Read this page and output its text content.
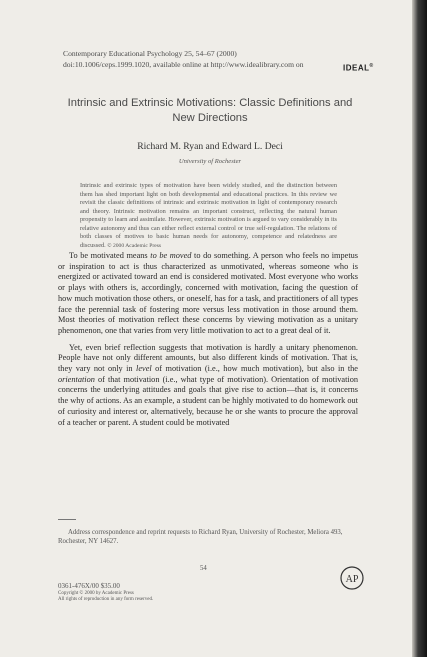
Contemporary Educational Psychology 25, 54–67 (2000)
doi:10.1006/ceps.1999.1020, available online at http://www.idealibrary.com on	IDEAL®
Intrinsic and Extrinsic Motivations: Classic Definitions and New Directions
Richard M. Ryan and Edward L. Deci
University of Rochester
Intrinsic and extrinsic types of motivation have been widely studied, and the distinction between them has shed important light on both developmental and educational practices. In this review we revisit the classic definitions of intrinsic and extrinsic motivation in light of contemporary research and theory. Intrinsic motivation remains an important construct, reflecting the natural human propensity to learn and assimilate. However, extrinsic motivation is argued to vary considerably in its relative autonomy and thus can either reflect external control or true self-regulation. The relations of both classes of motives to basic human needs for autonomy, competence and relatedness are discussed. © 2000 Academic Press

To be motivated means to be moved to do something. A person who feels no impetus or inspiration to act is thus characterized as unmotivated, whereas someone who is energized or activated toward an end is considered motivated. Most everyone who works or plays with others is, accordingly, concerned with motivation, facing the question of how much motivation those others, or oneself, has for a task, and practitioners of all types face the perennial task of fostering more versus less motivation in those around them. Most theories of motivation reflect these concerns by viewing motivation as a unitary phenomenon, one that varies from very little motivation to act to a great deal of it.

Yet, even brief reflection suggests that motivation is hardly a unitary phenomenon. People have not only different amounts, but also different kinds of motivation. That is, they vary not only in level of motivation (i.e., how much motivation), but also in the orientation of that motivation (i.e., what type of motivation). Orientation of motivation concerns the underlying attitudes and goals that give rise to action—that is, it concerns the why of actions. As an example, a student can be highly motivated to do homework out of curiosity and interest or, alternatively, because he or she wants to procure the approval of a teacher or parent. A student could be motivated

Address correspondence and reprint requests to Richard Ryan, University of Rochester, Meliora 493, Rochester, NY 14627.
54
0361-476X/00 $35.00
Copyright © 2000 by Academic Press
All rights of reproduction in any form reserved.
AP
